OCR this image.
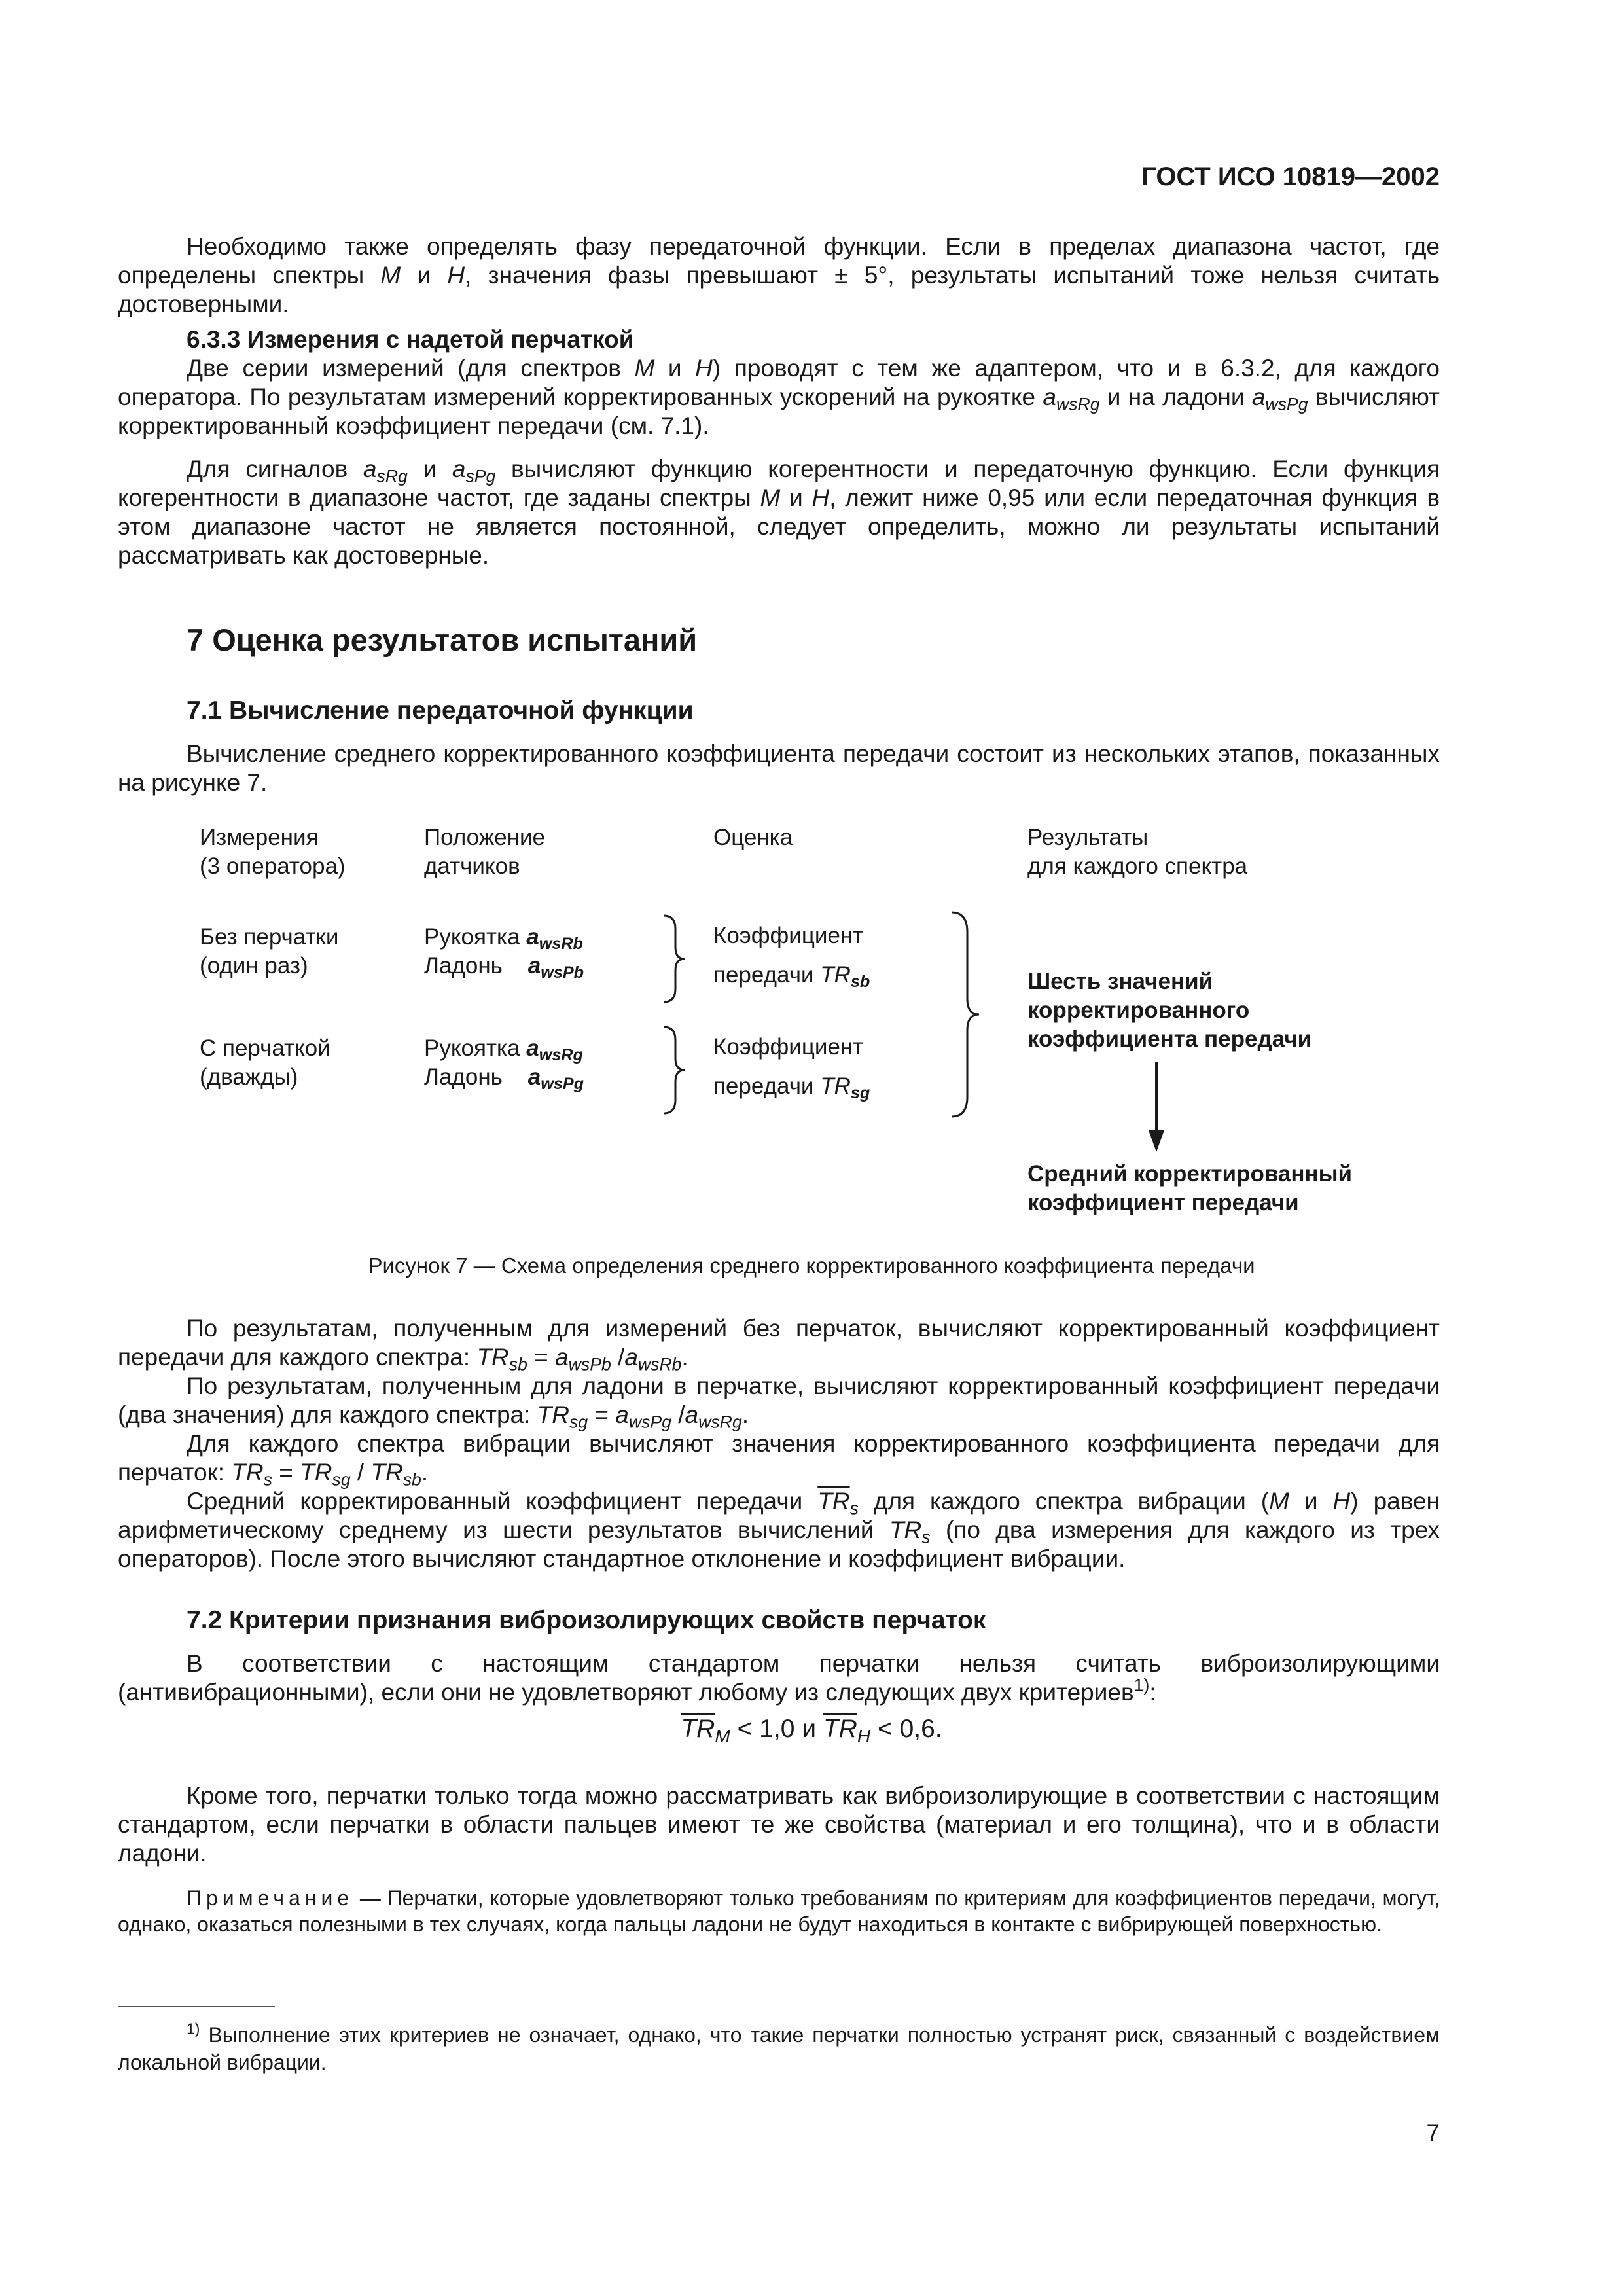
ГОСТ ИСО 10819—2002
Необходимо также определять фазу передаточной функции. Если в пределах диапазона частот, где определены спектры M и H, значения фазы превышают ± 5°, результаты испытаний тоже нельзя считать достоверными.
6.3.3 Измерения с надетой перчаткой
Две серии измерений (для спектров M и H) проводят с тем же адаптером, что и в 6.3.2, для каждого оператора. По результатам измерений корректированных ускорений на рукоятке $a_{wsRg}$ и на ладони $a_{wsPg}$ вычисляют корректированный коэффициент передачи (см. 7.1).
Для сигналов $a_{sRg}$ и $a_{sPg}$ вычисляют функцию когерентности и передаточную функцию. Если функция когерентности в диапазоне частот, где заданы спектры M и H, лежит ниже 0,95 или если передаточная функция в этом диапазоне частот не является постоянной, следует определить, можно ли результаты испытаний рассматривать как достоверные.
7 Оценка результатов испытаний
7.1 Вычисление передаточной функции
Вычисление среднего корректированного коэффициента передачи состоит из нескольких этапов, показанных на рисунке 7.
Измерения
(3 оператора)
Положение
датчиков
Оценка	Результаты
для каждого спектра
Без перчатки
(один раз)
Рукоятка $a_{wsRb}$
Ладонь $a_{wsPb}$
Коэффициент
передачи $TR_{sb}$
С перчаткой
(дважды)
Рукоятка $a_{wsRg}$
Ладонь $a_{wsPg}$
Коэффициент
передачи $TR_{sg}$
Шесть значений
корректированного
коэффициента передачи
Средний корректированный
коэффициент передачи
Рисунок 7 — Схема определения среднего корректированного коэффициента передачи
По результатам, полученным для измерений без перчаток, вычисляют корректированный коэффициент передачи для каждого спектра: $TR_{sb} = a_{wsPb}$ $/a_{wsRb}$.
По результатам, полученным для ладони в перчатке, вычисляют корректированный коэффициент передачи (два значения) для каждого спектра: $TR_{sg} = a_{wsPg}$ $/a_{wsRg}$.
Для каждого спектра вибрации вычисляют значения корректированного коэффициента передачи для перчаток: $TR_s = TR_{sg} / TR_{sb}$.
Средний корректированный коэффициент передачи $\overline{TR}_s$ для каждого спектра вибрации (M и H) равен арифметическому среднему из шести результатов вычислений $TR_s$ (по два измерения для каждого из трех операторов). После этого вычисляют стандартное отклонение и коэффициент вибрации.
7.2 Критерии признания виброизолирующих свойств перчаток
В соответствии с настоящим стандартом перчатки нельзя считать виброизолирующими (антивибрационными), если они не удовлетворяют любому из следующих двух критериев$^{1)}$:
$\overline{TR}_M < 1,0$ и $\overline{TR}_H < 0,6$.
Кроме того, перчатки только тогда можно рассматривать как виброизолирующие в соответствии с настоящим стандартом, если перчатки в области пальцев имеют те же свойства (материал и его толщина), что и в области ладони.
Примечание — Перчатки, которые удовлетворяют только требованиям по критериям для коэффициентов передачи, могут, однако, оказаться полезными в тех случаях, когда пальцы ладони не будут находиться в контакте с вибрирующей поверхностью.
$^{1)}$ Выполнение этих критериев не означает, однако, что такие перчатки полностью устранят риск, связанный с воздействием локальной вибрации.
7
